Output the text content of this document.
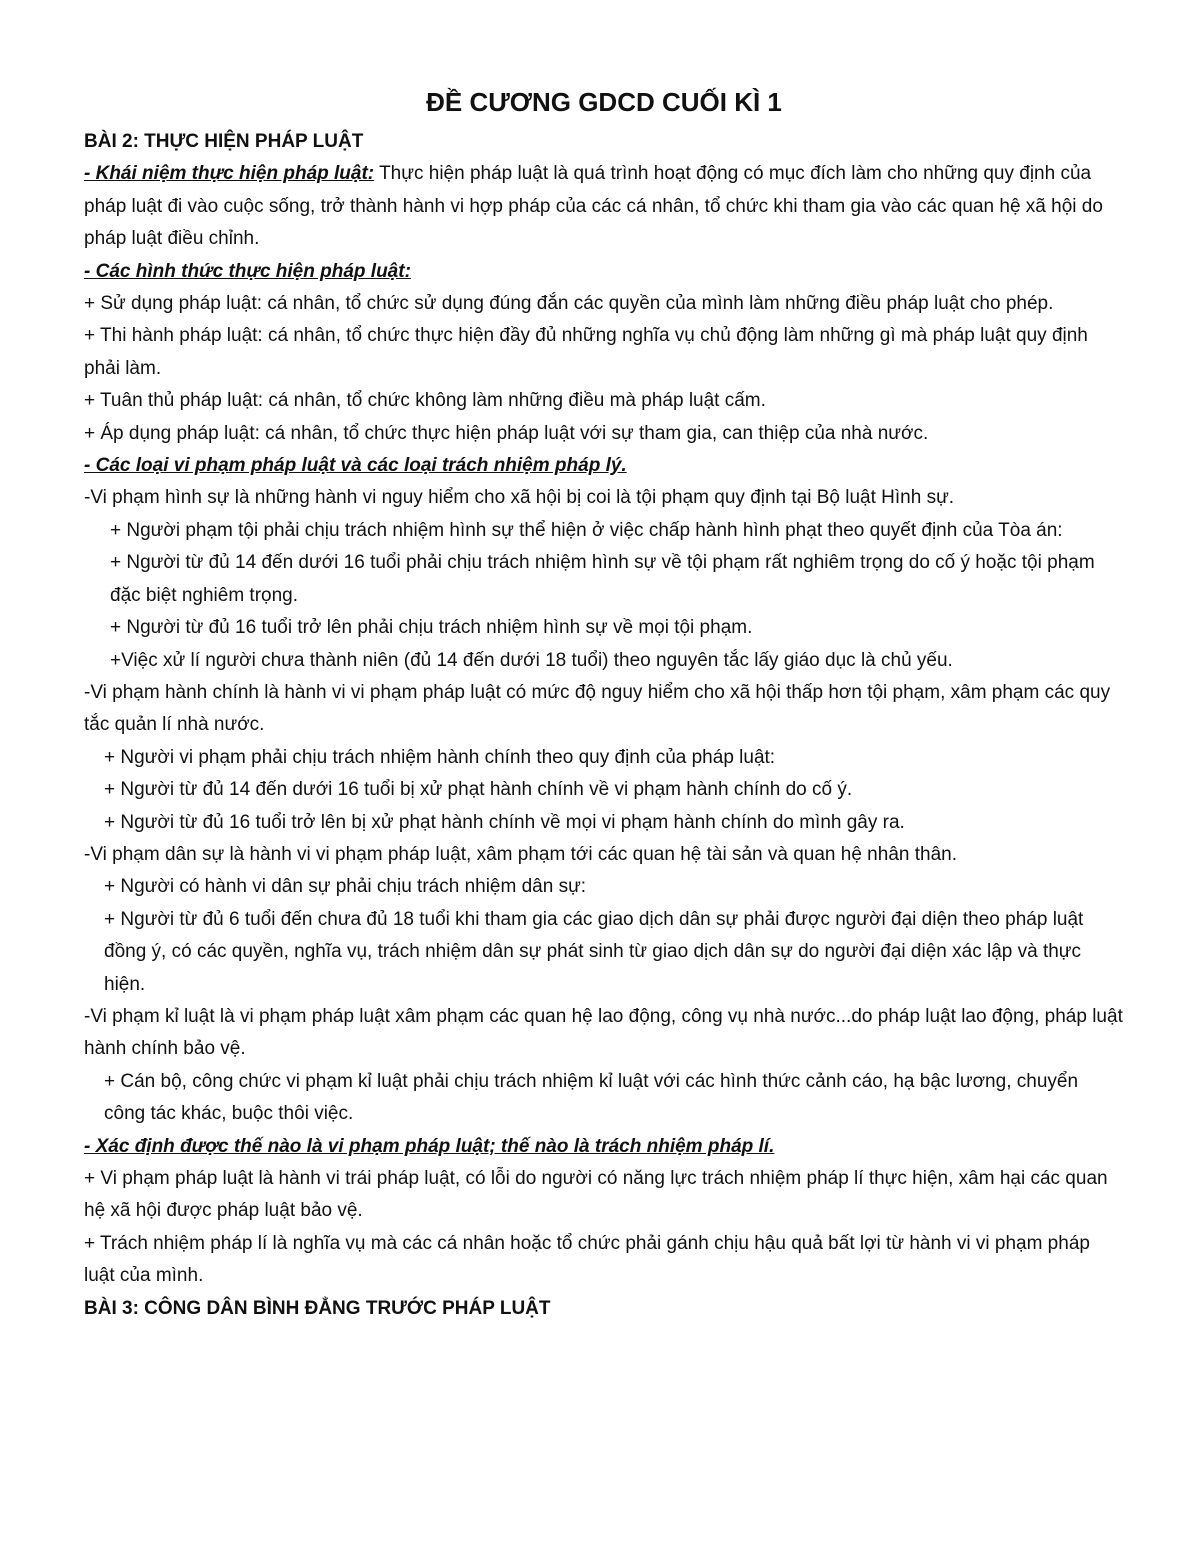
ĐỀ CƯƠNG GDCD CUỐI KÌ 1

BÀI 2: THỰC HIỆN PHÁP LUẬT

- Khái niệm thực hiện pháp luật: Thực hiện pháp luật là quá trình hoạt động có mục đích làm cho những quy định của pháp luật đi vào cuộc sống, trở thành hành vi hợp pháp của các cá nhân, tổ chức khi tham gia vào các quan hệ xã hội do pháp luật điều chỉnh.

- Các hình thức thực hiện pháp luật:

+ Sử dụng pháp luật: cá nhân, tổ chức sử dụng đúng đắn các quyền của mình làm những điều pháp luật cho phép.

+ Thi hành pháp luật: cá nhân, tổ chức thực hiện đầy đủ những nghĩa vụ chủ động làm những gì mà pháp luật quy định phải làm.

+ Tuân thủ pháp luật: cá nhân, tổ chức không làm những điều mà pháp luật cấm.

+ Áp dụng pháp luật: cá nhân, tổ chức thực hiện pháp luật với sự tham gia, can thiệp của nhà nước.

- Các loại vi phạm pháp luật và các loại trách nhiệm pháp lý.

-Vi phạm hình sự là những hành vi nguy hiểm cho xã hội bị coi là tội phạm quy định tại Bộ luật Hình sự.

+ Người phạm tội phải chịu trách nhiệm hình sự thể hiện ở việc chấp hành hình phạt theo quyết định của Tòa án:

+ Người từ đủ 14 đến dưới 16 tuổi phải chịu trách nhiệm hình sự về tội phạm rất nghiêm trọng do cố ý hoặc tội phạm đặc biệt nghiêm trọng.

+ Người từ đủ 16 tuổi trở lên phải chịu trách nhiệm hình sự về mọi tội phạm.

+Việc xử lí người chưa thành niên (đủ 14 đến dưới 18 tuổi) theo nguyên tắc lấy giáo dục là chủ yếu.

-Vi phạm hành chính là hành vi vi phạm pháp luật có mức độ nguy hiểm cho xã hội thấp hơn tội phạm, xâm phạm các quy tắc quản lí nhà nước.

+ Người vi phạm phải chịu trách nhiệm hành chính theo quy định của pháp luật:

+ Người từ đủ 14 đến dưới 16 tuổi bị xử phạt hành chính về vi phạm hành chính do cố ý.

+ Người từ đủ 16 tuổi trở lên bị xử phạt hành chính về mọi vi phạm hành chính do mình gây ra.

-Vi phạm dân sự là hành vi vi phạm pháp luật, xâm phạm tới các quan hệ tài sản và quan hệ nhân thân.

+ Người có hành vi dân sự phải chịu trách nhiệm dân sự:

+ Người từ đủ 6 tuổi đến chưa đủ 18 tuổi khi tham gia các giao dịch dân sự phải được người đại diện theo pháp luật đồng ý, có các quyền, nghĩa vụ, trách nhiệm dân sự phát sinh từ giao dịch dân sự do người đại diện xác lập và thực hiện.

-Vi phạm kỉ luật là vi phạm pháp luật xâm phạm các quan hệ lao động, công vụ nhà nước...do pháp luật lao động, pháp luật hành chính bảo vệ.

+ Cán bộ, công chức vi phạm kỉ luật phải chịu trách nhiệm kỉ luật với các hình thức cảnh cáo, hạ bậc lương, chuyển công tác khác, buộc thôi việc.

- Xác định được thế nào là vi phạm pháp luật; thế nào là trách nhiệm pháp lí.

+ Vi phạm pháp luật là hành vi trái pháp luật, có lỗi do người có năng lực trách nhiệm pháp lí thực hiện, xâm hại các quan hệ xã hội được pháp luật bảo vệ.

+ Trách nhiệm pháp lí là nghĩa vụ mà các cá nhân hoặc tổ chức phải gánh chịu hậu quả bất lợi từ hành vi vi phạm pháp luật của mình.

BÀI 3: CÔNG DÂN BÌNH ĐẲNG TRƯỚC PHÁP LUẬT
